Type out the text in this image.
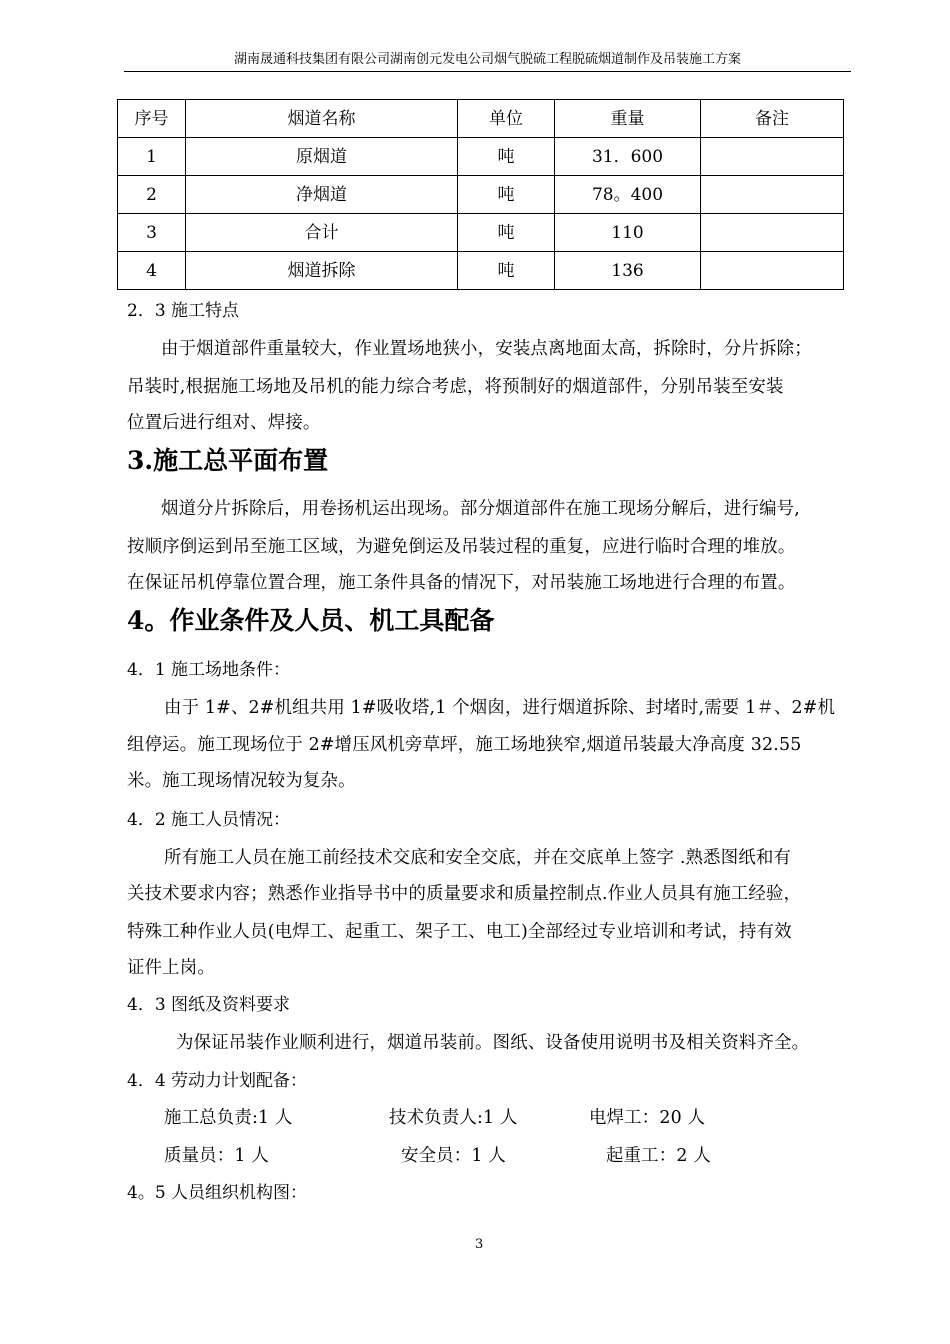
湖南晟通科技集团有限公司湖南创元发电公司烟气脱硫工程脱硫烟道制作及吊装施工方案
序号	烟道名称	单位	重量	备注
1	原烟道	吨	31．600	
2	净烟道	吨	78。400	
3	合计	吨	110	
4	烟道拆除	吨	136	
2．3 施工特点
由于烟道部件重量较大，作业置场地狭小，安装点离地面太高，拆除时，分片拆除；
吊装时,根据施工场地及吊机的能力综合考虑，将预制好的烟道部件，分别吊装至安装
位置后进行组对、焊接。
3.施工总平面布置
烟道分片拆除后，用卷扬机运出现场。部分烟道部件在施工现场分解后，进行编号,
按顺序倒运到吊至施工区域，为避免倒运及吊装过程的重复，应进行临时合理的堆放。
在保证吊机停靠位置合理，施工条件具备的情况下，对吊装施工场地进行合理的布置。
4。作业条件及人员、机工具配备
4．1 施工场地条件：
由于 1#、2#机组共用 1#吸收塔,1 个烟囱，进行烟道拆除、封堵时,需要 1＃、2#机
组停运。施工现场位于 2#增压风机旁草坪，施工场地狭窄,烟道吊装最大净高度 32.55
米。施工现场情况较为复杂。
4．2 施工人员情况：
所有施工人员在施工前经技术交底和安全交底，并在交底单上签字 .熟悉图纸和有
关技术要求内容；熟悉作业指导书中的质量要求和质量控制点.作业人员具有施工经验，
特殊工种作业人员(电焊工、起重工、架子工、电工)全部经过专业培训和考试，持有效
证件上岗。
4．3 图纸及资料要求
为保证吊装作业顺利进行，烟道吊装前。图纸、设备使用说明书及相关资料齐全。
4．4 劳动力计划配备：
施工总负责:1 人	技术负责人:1 人	电焊工：20 人
质量员：1 人	安全员：1 人	起重工：2 人
4。5 人员组织机构图：
3
